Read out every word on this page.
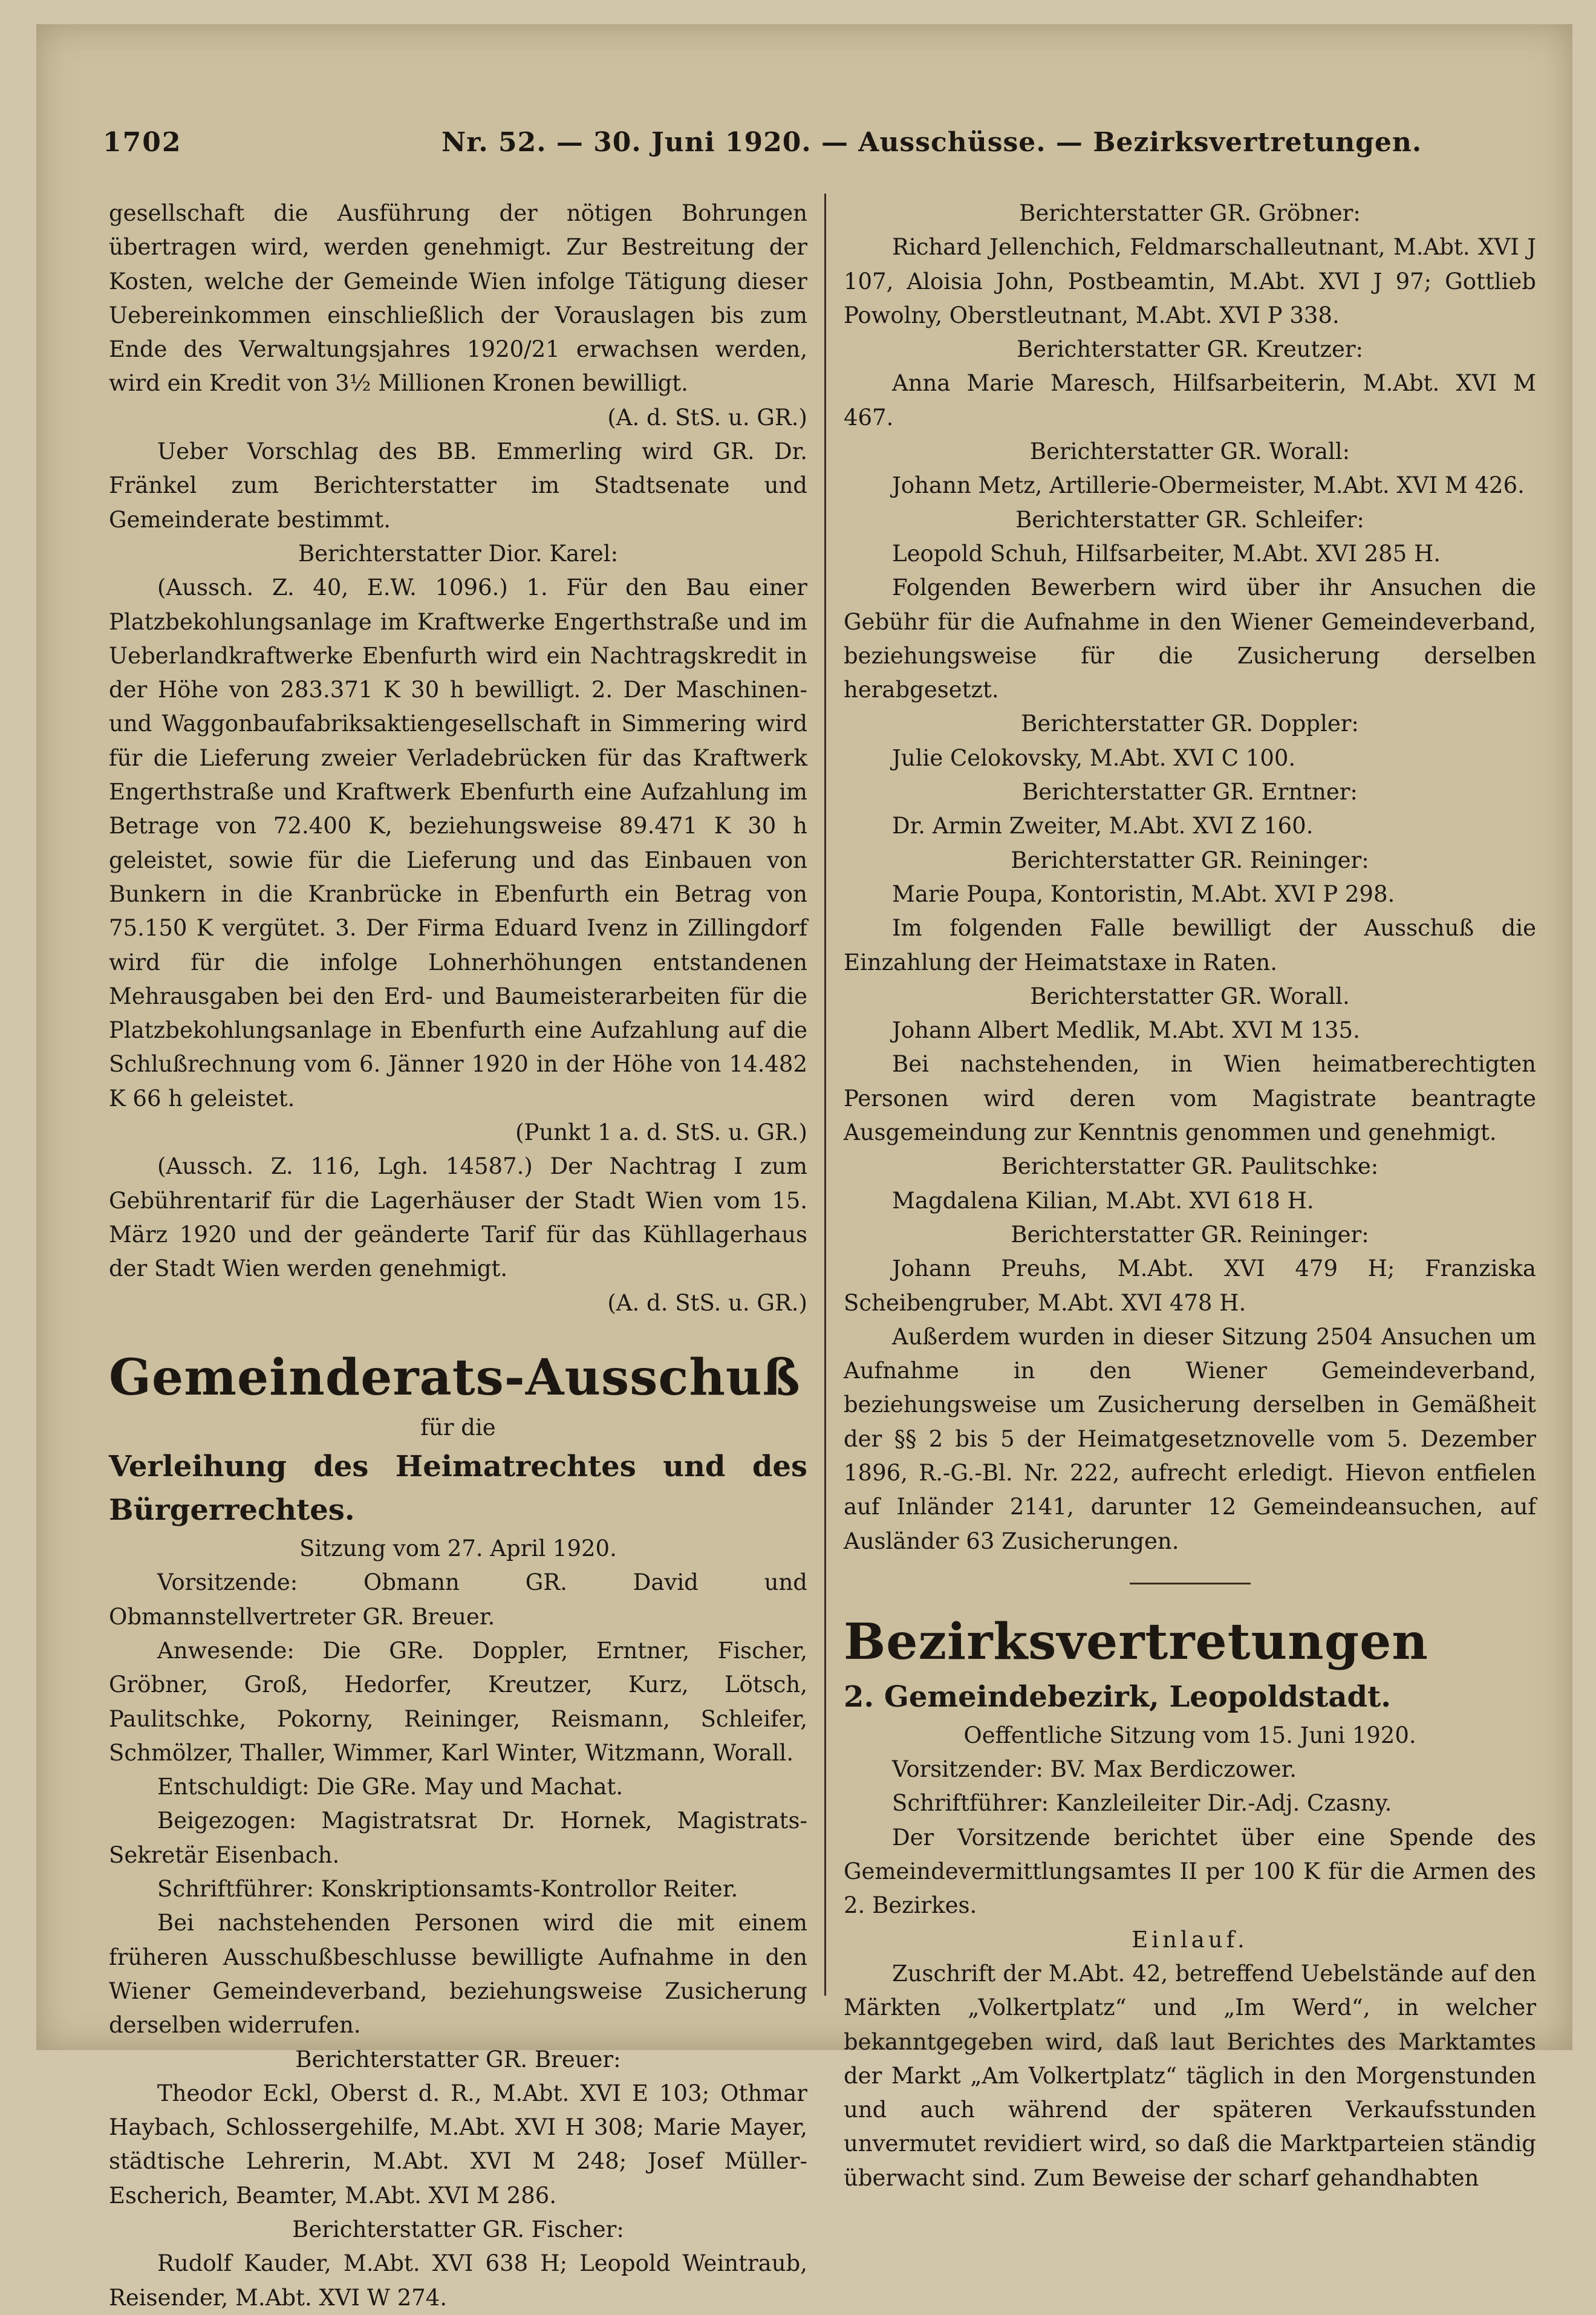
1702	Nr. 52. — 30. Juni 1920. — Ausschüsse. — Bezirksvertretungen.

gesellschaft die Ausführung der nötigen Bohrungen übertragen wird, werden genehmigt. Zur Bestreitung der Kosten, welche der Gemeinde Wien infolge Tätigung dieser Uebereinkommen einschließlich der Vorauslagen bis zum Ende des Verwaltungsjahres 1920/21 erwachsen werden, wird ein Kredit von 3½ Millionen Kronen bewilligt.

(A. d. StS. u. GR.)

Ueber Vorschlag des BB. Emmerling wird GR. Dr. Fränkel zum Berichterstatter im Stadtsenate und Gemeinderate bestimmt.

Berichterstatter Dior. Karel:

(Aussch. Z. 40, E.W. 1096.) 1. Für den Bau einer Platzbekohlungsanlage im Kraftwerke Engerthstraße und im Ueberlandkraftwerke Ebenfurth wird ein Nachtragskredit in der Höhe von 283.371 K 30 h bewilligt. 2. Der Maschinen- und Waggonbaufabriksaktiengesellschaft in Simmering wird für die Lieferung zweier Verladebrücken für das Kraftwerk Engerthstraße und Kraftwerk Ebenfurth eine Aufzahlung im Betrage von 72.400 K, beziehungsweise 89.471 K 30 h geleistet, sowie für die Lieferung und das Einbauen von Bunkern in die Kranbrücke in Ebenfurth ein Betrag von 75.150 K vergütet. 3. Der Firma Eduard Ivenz in Zillingdorf wird für die infolge Lohnerhöhungen entstandenen Mehrausgaben bei den Erd- und Baumeisterarbeiten für die Platzbekohlungsanlage in Ebenfurth eine Aufzahlung auf die Schlußrechnung vom 6. Jänner 1920 in der Höhe von 14.482 K 66 h geleistet.

(Punkt 1 a. d. StS. u. GR.)

(Aussch. Z. 116, Lgh. 14587.) Der Nachtrag I zum Gebührentarif für die Lagerhäuser der Stadt Wien vom 15. März 1920 und der geänderte Tarif für das Kühllagerhaus der Stadt Wien werden genehmigt.

(A. d. StS. u. GR.)

Gemeinderats-Ausschuß

für die

Verleihung des Heimatrechtes und des Bürgerrechtes.

Sitzung vom 27. April 1920.

Vorsitzende: Obmann GR. David und Obmannstellvertreter GR. Breuer.

Anwesende: Die GRe. Doppler, Erntner, Fischer, Gröbner, Groß, Hedorfer, Kreutzer, Kurz, Lötsch, Paulitschke, Pokorny, Reininger, Reismann, Schleifer, Schmölzer, Thaller, Wimmer, Karl Winter, Witzmann, Worall.

Entschuldigt: Die GRe. May und Machat.

Beigezogen: Magistratsrat Dr. Hornek, Magistrats-Sekretär Eisenbach.

Schriftführer: Konskriptionsamts-Kontrollor Reiter.

Bei nachstehenden Personen wird die mit einem früheren Ausschußbeschlusse bewilligte Aufnahme in den Wiener Gemeindeverband, beziehungsweise Zusicherung derselben widerrufen.

Berichterstatter GR. Breuer:

Theodor Eckl, Oberst d. R., M.Abt. XVI E 103; Othmar Haybach, Schlossergehilfe, M.Abt. XVI H 308; Marie Mayer, städtische Lehrerin, M.Abt. XVI M 248; Josef Müller-Escherich, Beamter, M.Abt. XVI M 286.

Berichterstatter GR. Fischer:

Rudolf Kauder, M.Abt. XVI 638 H; Leopold Weintraub, Reisender, M.Abt. XVI W 274.

Berichterstatter GR. Gröbner:

Richard Jellenchich, Feldmarschalleutnant, M.Abt. XVI J 107, Aloisia John, Postbeamtin, M.Abt. XVI J 97; Gottlieb Powolny, Oberstleutnant, M.Abt. XVI P 338.

Berichterstatter GR. Kreutzer:

Anna Marie Maresch, Hilfsarbeiterin, M.Abt. XVI M 467.

Berichterstatter GR. Worall:

Johann Metz, Artillerie-Obermeister, M.Abt. XVI M 426.

Berichterstatter GR. Schleifer:

Leopold Schuh, Hilfsarbeiter, M.Abt. XVI 285 H.

Folgenden Bewerbern wird über ihr Ansuchen die Gebühr für die Aufnahme in den Wiener Gemeindeverband, beziehungsweise für die Zusicherung derselben herabgesetzt.

Berichterstatter GR. Doppler:

Julie Celokovsky, M.Abt. XVI C 100.

Berichterstatter GR. Erntner:

Dr. Armin Zweiter, M.Abt. XVI Z 160.

Berichterstatter GR. Reininger:

Marie Poupa, Kontoristin, M.Abt. XVI P 298.

Im folgenden Falle bewilligt der Ausschuß die Einzahlung der Heimatstaxe in Raten.

Berichterstatter GR. Worall.

Johann Albert Medlik, M.Abt. XVI M 135.

Bei nachstehenden, in Wien heimatberechtigten Personen wird deren vom Magistrate beantragte Ausgemeindung zur Kenntnis genommen und genehmigt.

Berichterstatter GR. Paulitschke:

Magdalena Kilian, M.Abt. XVI 618 H.

Berichterstatter GR. Reininger:

Johann Preuhs, M.Abt. XVI 479 H; Franziska Scheibengruber, M.Abt. XVI 478 H.

Außerdem wurden in dieser Sitzung 2504 Ansuchen um Aufnahme in den Wiener Gemeindeverband, beziehungsweise um Zusicherung derselben in Gemäßheit der §§ 2 bis 5 der Heimatgesetznovelle vom 5. Dezember 1896, R.-G.-Bl. Nr. 222, aufrecht erledigt. Hievon entfielen auf Inländer 2141, darunter 12 Gemeindeansuchen, auf Ausländer 63 Zusicherungen.

Bezirksvertretungen

2. Gemeindebezirk, Leopoldstadt.

Oeffentliche Sitzung vom 15. Juni 1920.

Vorsitzender: BV. Max Berdiczower.

Schriftführer: Kanzleileiter Dir.-Adj. Czasny.

Der Vorsitzende berichtet über eine Spende des Gemeindevermittlungsamtes II per 100 K für die Armen des 2. Bezirkes.

Einlauf.

Zuschrift der M.Abt. 42, betreffend Uebelstände auf den Märkten „Volkertplatz“ und „Im Werd“, in welcher bekanntgegeben wird, daß laut Berichtes des Marktamtes der Markt „Am Volkertplatz“ täglich in den Morgenstunden und auch während der späteren Verkaufsstunden unvermutet revidiert wird, so daß die Marktparteien ständig überwacht sind. Zum Beweise der scharf gehandhabten
